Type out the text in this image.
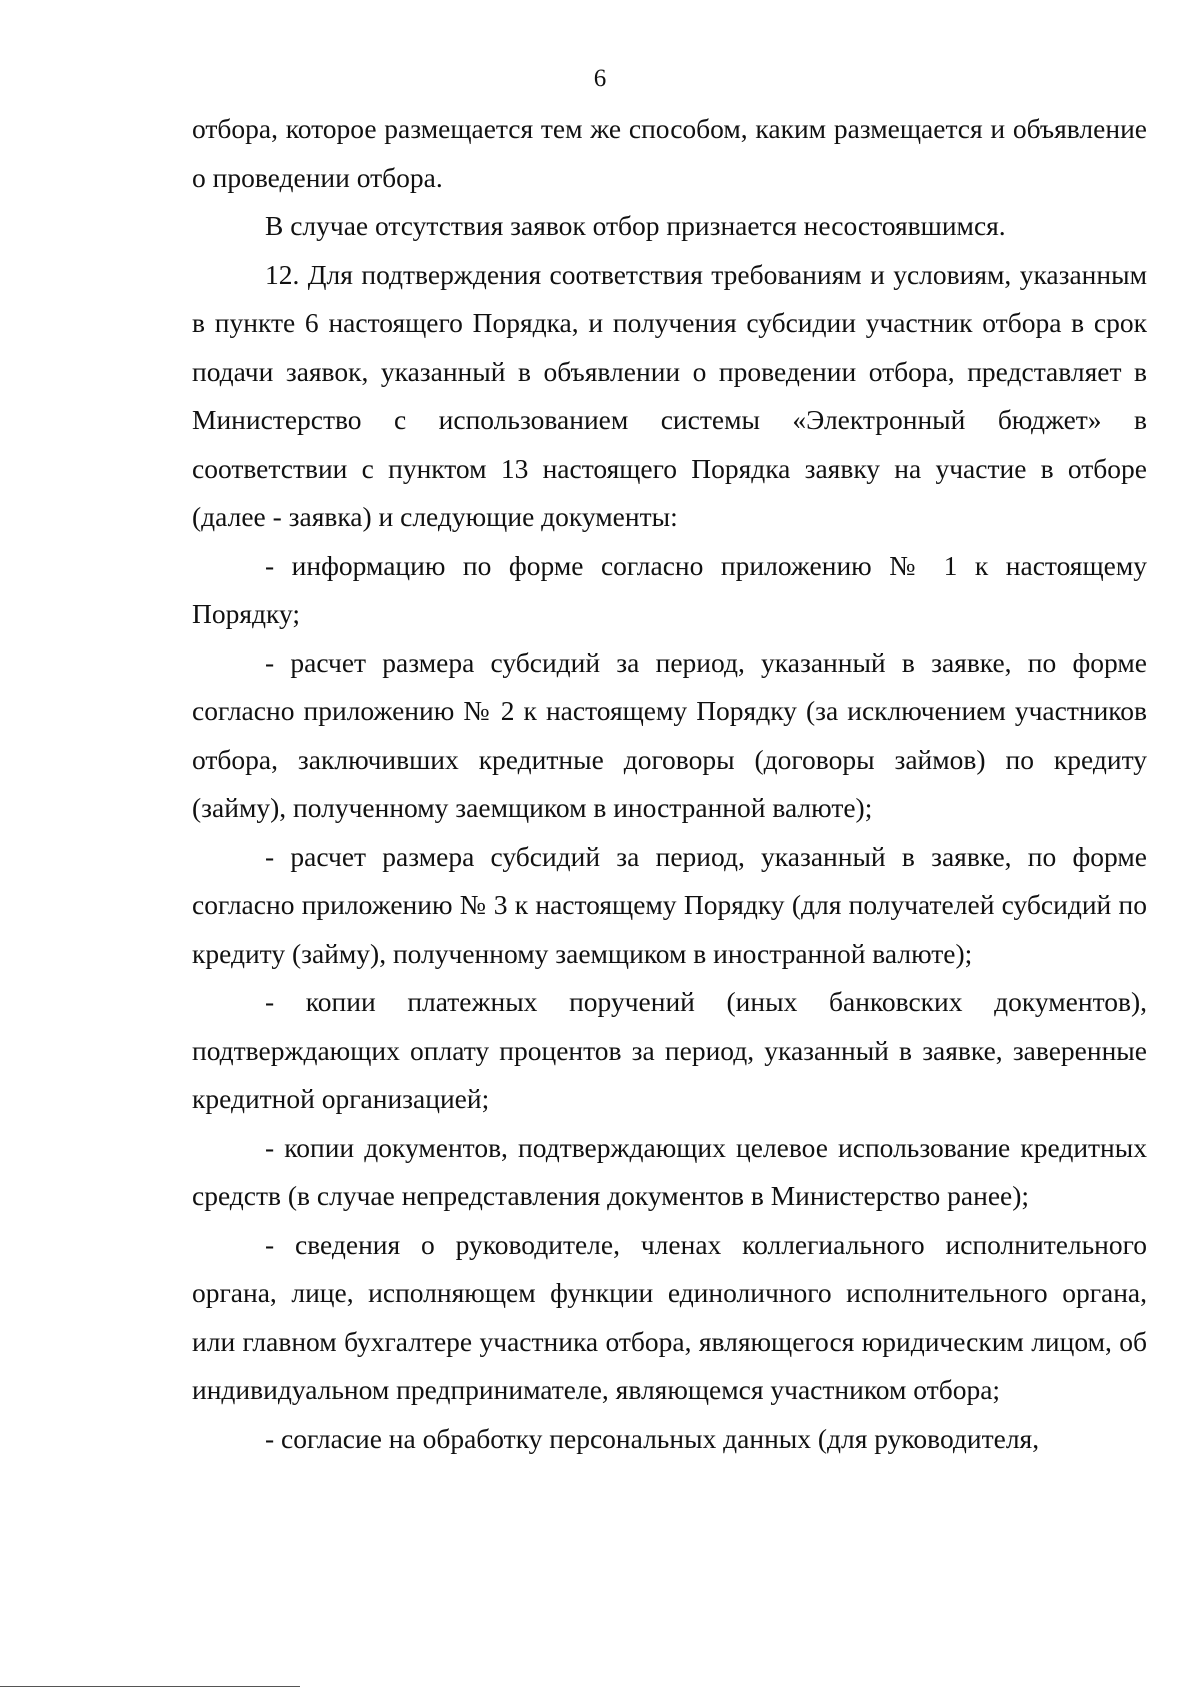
6

отбора, которое размещается тем же способом, каким размещается и объявление о проведении отбора.

В случае отсутствия заявок отбор признается несостоявшимся.

12. Для подтверждения соответствия требованиям и условиям, указанным в пункте 6 настоящего Порядка, и получения субсидии участник отбора в срок подачи заявок, указанный в объявлении о проведении отбора, представляет в Министерство с использованием системы «Электронный бюджет» в соответствии с пунктом 13 настоящего Порядка заявку на участие в отборе (далее - заявка) и следующие документы:

- информацию по форме согласно приложению № 1 к настоящему Порядку;

- расчет размера субсидий за период, указанный в заявке, по форме согласно приложению № 2 к настоящему Порядку (за исключением участников отбора, заключивших кредитные договоры (договоры займов) по кредиту (займу), полученному заемщиком в иностранной валюте);

- расчет размера субсидий за период, указанный в заявке, по форме согласно приложению № 3 к настоящему Порядку (для получателей субсидий по кредиту (займу), полученному заемщиком в иностранной валюте);

- копии платежных поручений (иных банковских документов), подтверждающих оплату процентов за период, указанный в заявке, заверенные кредитной организацией;

- копии документов, подтверждающих целевое использование кредитных средств (в случае непредставления документов в Министерство ранее);

- сведения о руководителе, членах коллегиального исполнительного органа, лице, исполняющем функции единоличного исполнительного органа, или главном бухгалтере участника отбора, являющегося юридическим лицом, об индивидуальном предпринимателе, являющемся участником отбора;

- согласие на обработку персональных данных (для руководителя,
